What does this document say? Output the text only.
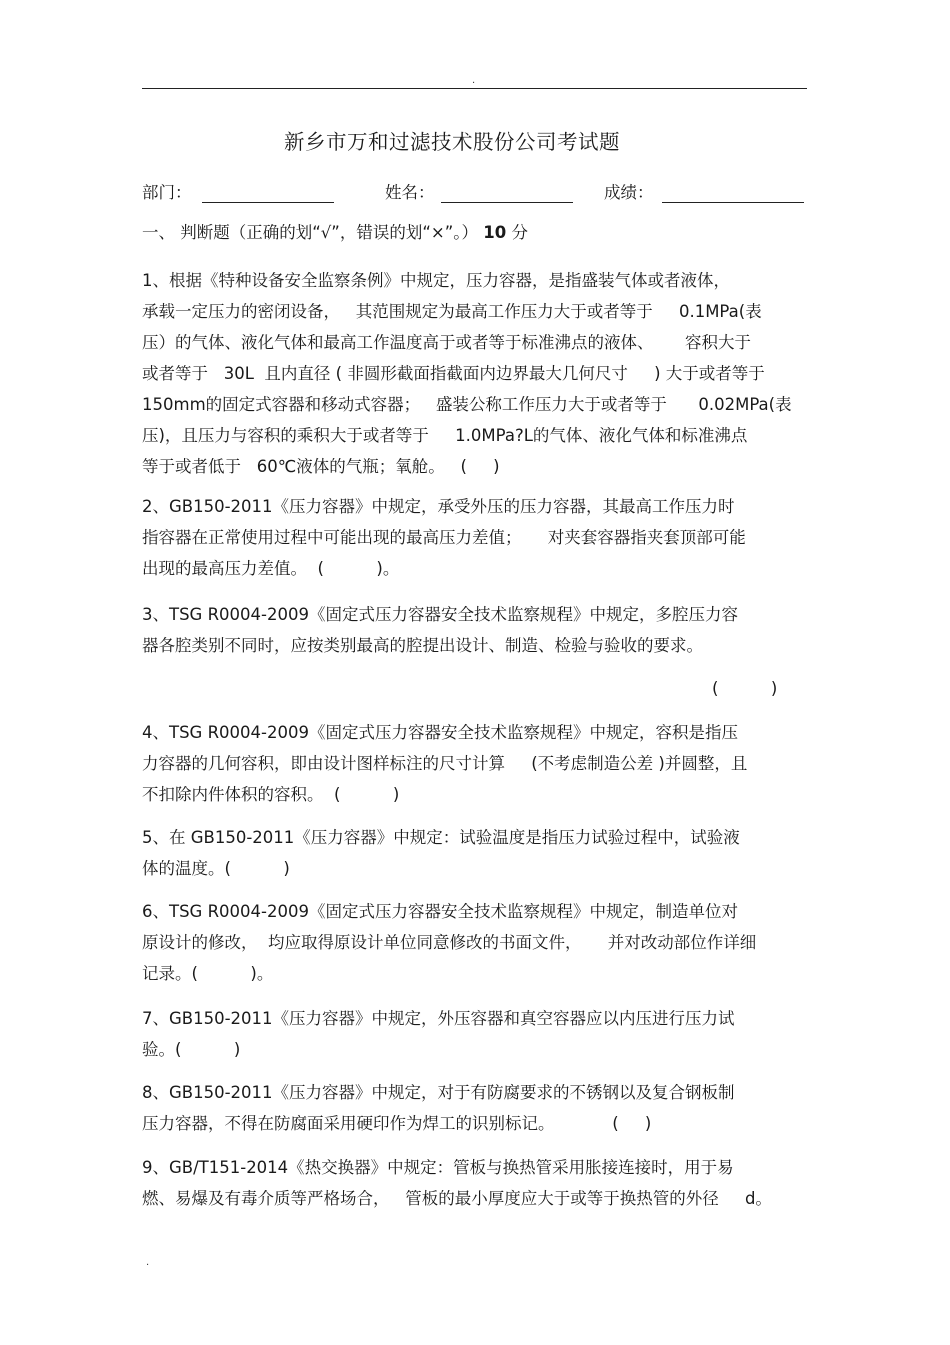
.
新乡市万和过滤技术股份公司考试题
部门：	姓名：	成绩：
一、 判断题（正确的划“√”，错误的划“×”。） 10 分
1、根据《特种设备安全监察条例》中规定，压力容器，是指盛装气体或者液体，
承载一定压力的密闭设备，   其范围规定为最高工作压力大于或者等于     0.1MPa(表
压）的气体、液化气体和最高工作温度高于或者等于标准沸点的液体、      容积大于
或者等于   30L  且内直径 ( 非圆形截面指截面内边界最大几何尺寸     ) 大于或者等于
150mm的固定式容器和移动式容器；   盛装公称工作压力大于或者等于      0.02MPa(表
压)，且压力与容积的乘积大于或者等于     1.0MPa?L的气体、液化气体和标准沸点
等于或者低于   60℃液体的气瓶；氧舱。   (     )
2、GB150-2011《压力容器》中规定，承受外压的压力容器，其最高工作压力时
指容器在正常使用过程中可能出现的最高压力差值；     对夹套容器指夹套顶部可能
出现的最高压力差值。  (          )。
3、TSG R0004-2009《固定式压力容器安全技术监察规程》中规定，多腔压力容
器各腔类别不同时，应按类别最高的腔提出设计、制造、检验与验收的要求。
(          )
4、TSG R0004-2009《固定式压力容器安全技术监察规程》中规定，容积是指压
力容器的几何容积，即由设计图样标注的尺寸计算     (不考虑制造公差 )并圆整，且
不扣除内件体积的容积。  (          )
5、在 GB150-2011《压力容器》中规定：试验温度是指压力试验过程中，试验液
体的温度。(          )
6、TSG R0004-2009《固定式压力容器安全技术监察规程》中规定，制造单位对
原设计的修改，  均应取得原设计单位同意修改的书面文件，     并对改动部位作详细
记录。(          )。
7、GB150-2011《压力容器》中规定，外压容器和真空容器应以内压进行压力试
验。(          )
8、GB150-2011《压力容器》中规定，对于有防腐要求的不锈钢以及复合钢板制
压力容器，不得在防腐面采用硬印作为焊工的识别标记。           (     )
9、GB/T151-2014《热交换器》中规定：管板与换热管采用胀接连接时，用于易
燃、易爆及有毒介质等严格场合，   管板的最小厚度应大于或等于换热管的外径     d。
.
